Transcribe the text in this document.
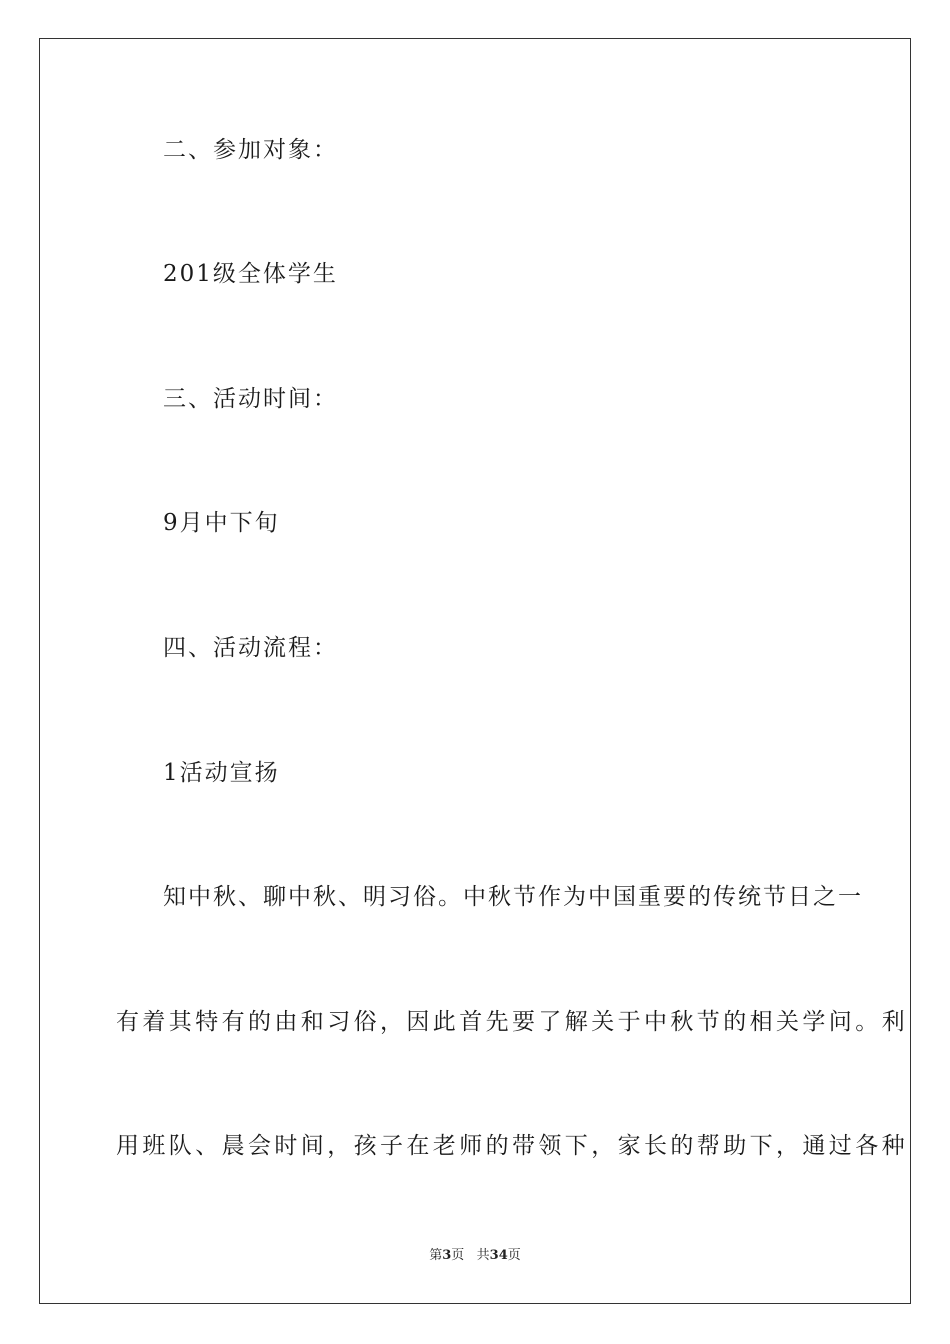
二、参加对象：
201级全体学生
三、活动时间：
9月中下旬
四、活动流程：
1活动宣扬
知中秋、聊中秋、明习俗。中秋节作为中国重要的传统节日之一
有着其特有的由和习俗，因此首先要了解关于中秋节的相关学问。利
用班队、晨会时间，孩子在老师的带领下，家长的帮助下，通过各种
第3页   共34页
